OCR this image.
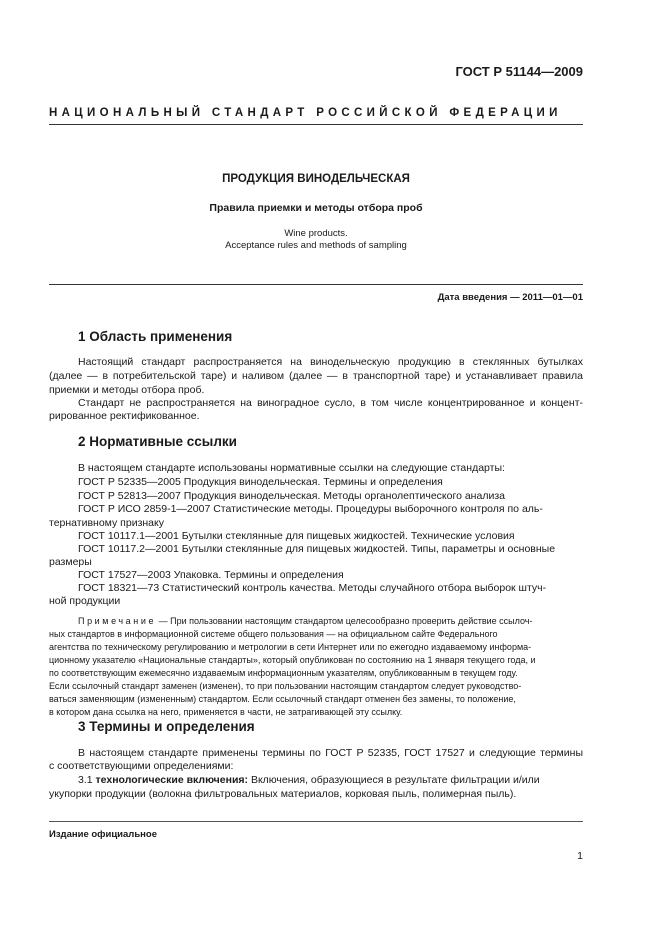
ГОСТ Р 51144—2009
НАЦИОНАЛЬНЫЙ СТАНДАРТ РОССИЙСКОЙ ФЕДЕРАЦИИ
ПРОДУКЦИЯ ВИНОДЕЛЬЧЕСКАЯ
Правила приемки и методы отбора проб
Wine products.
Acceptance rules and methods of sampling
Дата введения — 2011—01—01
1 Область применения
Настоящий стандарт распространяется на винодельческую продукцию в стеклянных бутылках
(далее — в потребительской таре) и наливом (далее — в транспортной таре) и устанавливает правила
приемки и методы отбора проб.
Стандарт не распространяется на виноградное сусло, в том числе концентрированное и концент-
рированное ректификованное.
2 Нормативные ссылки
В настоящем стандарте использованы нормативные ссылки на следующие стандарты:
ГОСТ Р 52335—2005 Продукция винодельческая. Термины и определения
ГОСТ Р 52813—2007 Продукция винодельческая. Методы органолептического анализа
ГОСТ Р ИСО 2859-1—2007 Статистические методы. Процедуры выборочного контроля по аль-
тернативному признаку
ГОСТ 10117.1—2001 Бутылки стеклянные для пищевых жидкостей. Технические условия
ГОСТ 10117.2—2001 Бутылки стеклянные для пищевых жидкостей. Типы, параметры и основные
размеры
ГОСТ 17527—2003 Упаковка. Термины и определения
ГОСТ 18321—73 Статистический контроль качества. Методы случайного отбора выборок штуч-
ной продукции
Примечание — При пользовании настоящим стандартом целесообразно проверить действие ссылоч-
ных стандартов в информационной системе общего пользования — на официальном сайте Федерального
агентства по техническому регулированию и метрологии в сети Интернет или по ежегодно издаваемому информа-
ционному указателю «Национальные стандарты», который опубликован по состоянию на 1 января текущего года, и
по соответствующим ежемесячно издаваемым информационным указателям, опубликованным в текущем году.
Если ссылочный стандарт заменен (изменен), то при пользовании настоящим стандартом следует руководство-
ваться заменяющим (измененным) стандартом. Если ссылочный стандарт отменен без замены, то положение,
в котором дана ссылка на него, применяется в части, не затрагивающей эту ссылку.
3 Термины и определения
В настоящем стандарте применены термины по ГОСТ Р 52335, ГОСТ 17527 и следующие термины
с соответствующими определениями:
3.1 технологические включения: Включения, образующиеся в результате фильтрации и/или
укупорки продукции (волокна фильтровальных материалов, корковая пыль, полимерная пыль).
Издание официальное
1
